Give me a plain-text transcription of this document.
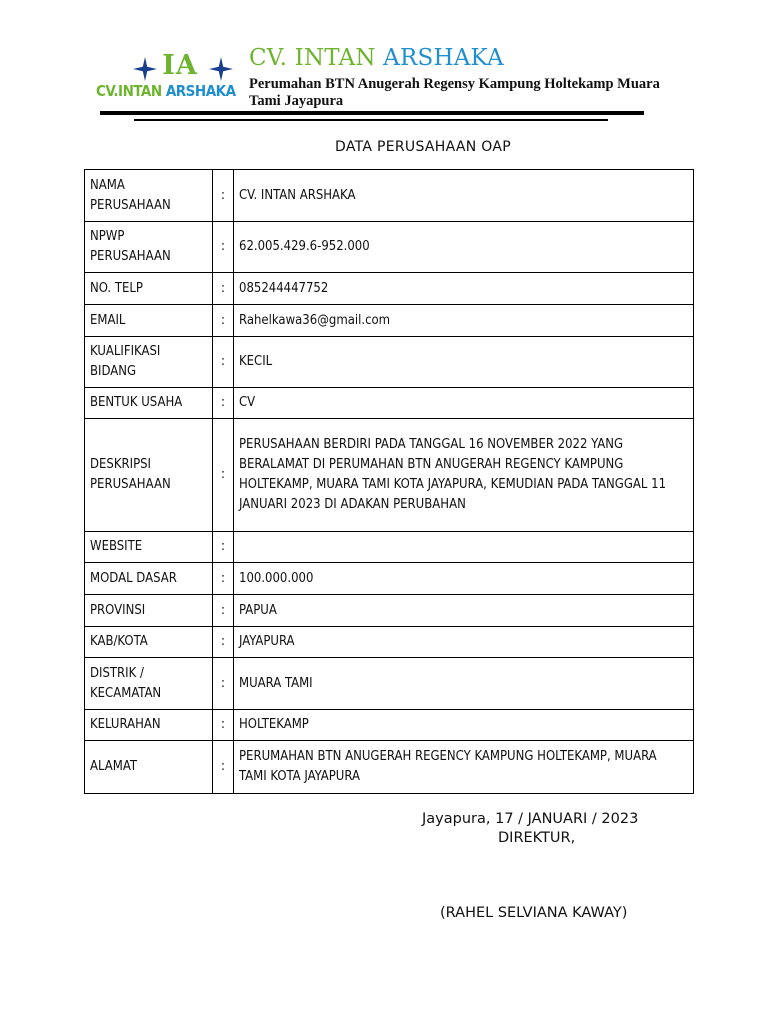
IA
CV.INTAN ARSHAKA
CV. INTAN ARSHAKA
Perumahan BTN Anugerah Regensy Kampung Holtekamp Muara Tami Jayapura
DATA PERUSAHAAN OAP
NAMA PERUSAHAAN	:	CV. INTAN ARSHAKA
NPWP PERUSAHAAN	:	62.005.429.6-952.000
NO. TELP	:	085244447752
EMAIL	:	Rahelkawa36@gmail.com
KUALIFIKASI BIDANG	:	KECIL
BENTUK USAHA	:	CV
DESKRIPSI PERUSAHAAN	:	PERUSAHAAN BERDIRI PADA TANGGAL 16 NOVEMBER 2022 YANG BERALAMAT DI PERUMAHAN BTN ANUGERAH REGENCY KAMPUNG HOLTEKAMP, MUARA TAMI KOTA JAYAPURA, KEMUDIAN PADA TANGGAL 11 JANUARI 2023 DI ADAKAN PERUBAHAN
WEBSITE	:	
MODAL DASAR	:	100.000.000
PROVINSI	:	PAPUA
KAB/KOTA	:	JAYAPURA
DISTRIK / KECAMATAN	:	MUARA TAMI
KELURAHAN	:	HOLTEKAMP
ALAMAT	:	PERUMAHAN BTN ANUGERAH REGENCY KAMPUNG HOLTEKAMP, MUARA TAMI KOTA JAYAPURA
Jayapura, 17 / JANUARI / 2023
DIREKTUR,
(RAHEL SELVIANA KAWAY)
